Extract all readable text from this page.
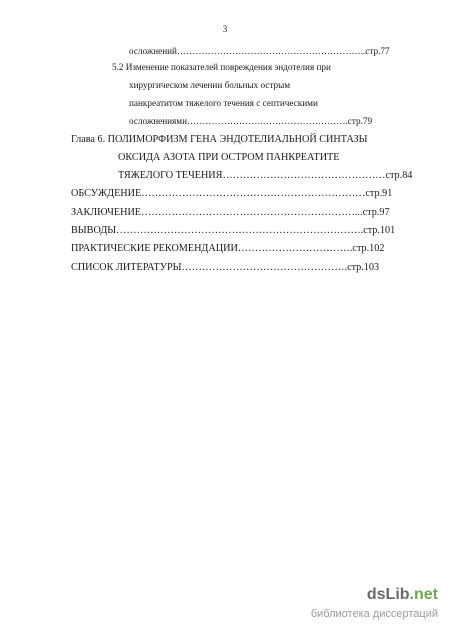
3
осложнений……………………………………………………..стр.77
5.2 Изменение показателей повреждения эндотелия при
хирургическом лечении больных острым
панкреатитом тяжелого течения с септическими
осложнениями…………………….……………………….стр.79
Глава 6. ПОЛИМОРФИЗМ ГЕНА ЭНДОТЕЛИАЛЬНОЙ СИНТАЗЫ
ОКСИДА АЗОТА ПРИ ОСТРОМ ПАНКРЕАТИТЕ
ТЯЖЕЛОГО ТЕЧЕНИЯ…………………………………………стр.84
ОБСУЖДЕНИЕ…………………………………………………………стр.91
ЗАКЛЮЧЕНИЕ………………………………………………………...стр.97
ВЫВОДЫ……………………………………………………………….стр.101
ПРАКТИЧЕСКИЕ РЕКОМЕНДАЦИИ…………………………….стр.102
СПИСОК ЛИТЕРАТУРЫ………………………………………….стр.103
dsLib.net
библиотека диссертаций
